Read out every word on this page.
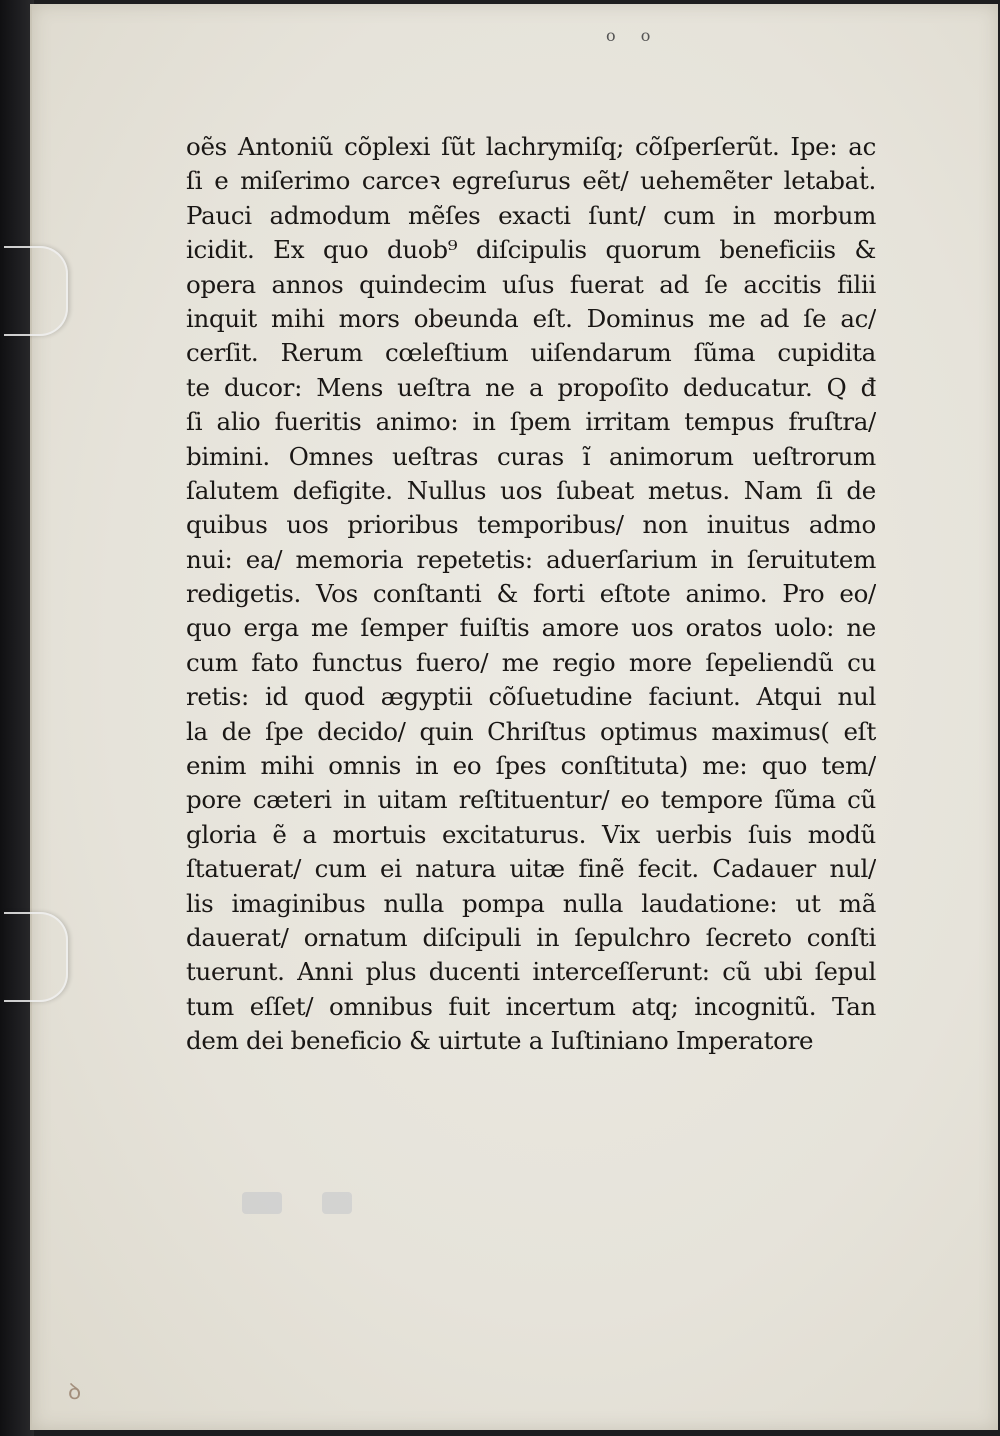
o o
ꝺ
oẽs Antoniũ cõplexi ſũt lachrymiſq; cõſperſerũt. Ipe: ac
ſi e miſerimo carceꝛ egreſurus eẽt/ uehemẽter letabaṫ.
Pauci admodum mẽſes exacti ſunt/ cum in morbum
icidit. Ex quo duob⁹ diſcipulis quorum beneficiis &
opera annos quindecim uſus fuerat ad ſe accitis filii
inquit mihi mors obeunda eſt. Dominus me ad ſe ac/
cerſit. Rerum cœleſtium uiſendarum ſũma cupidita
te ducor: Mens ueſtra ne a propoſito deducatur. Q đ
ſi alio fueritis animo: in ſpem irritam tempus fruſtra/
bimini. Omnes ueſtras curas ĩ animorum ueſtrorum
ſalutem defigite. Nullus uos ſubeat metus. Nam ſi de
quibus uos prioribus temporibus/ non inuitus admo
nui: ea/ memoria repetetis: aduerſarium in ſeruitutem
redigetis. Vos conſtanti & forti eſtote animo. Pro eo/
quo erga me ſemper fuiſtis amore uos oratos uolo: ne
cum fato functus fuero/ me regio more ſepeliendũ cu
retis: id quod ægyptii cõſuetudine faciunt. Atqui nul
la de ſpe decido/ quin Chriſtus optimus maximus( eſt
enim mihi omnis in eo ſpes conſtituta) me: quo tem/
pore cæteri in uitam reſtituentur/ eo tempore ſũma cũ
gloria ẽ a mortuis excitaturus. Vix uerbis ſuis modũ
ſtatuerat/ cum ei natura uitæ finẽ fecit. Cadauer nul/
lis imaginibus nulla pompa nulla laudatione: ut mã
dauerat/ ornatum diſcipuli in ſepulchro ſecreto conſti
tuerunt. Anni plus ducenti interceſſerunt: cũ ubi ſepul
tum eſſet/ omnibus fuit incertum atq; incognitũ. Tan
dem dei beneficio & uirtute a Iuſtiniano Imperatore
